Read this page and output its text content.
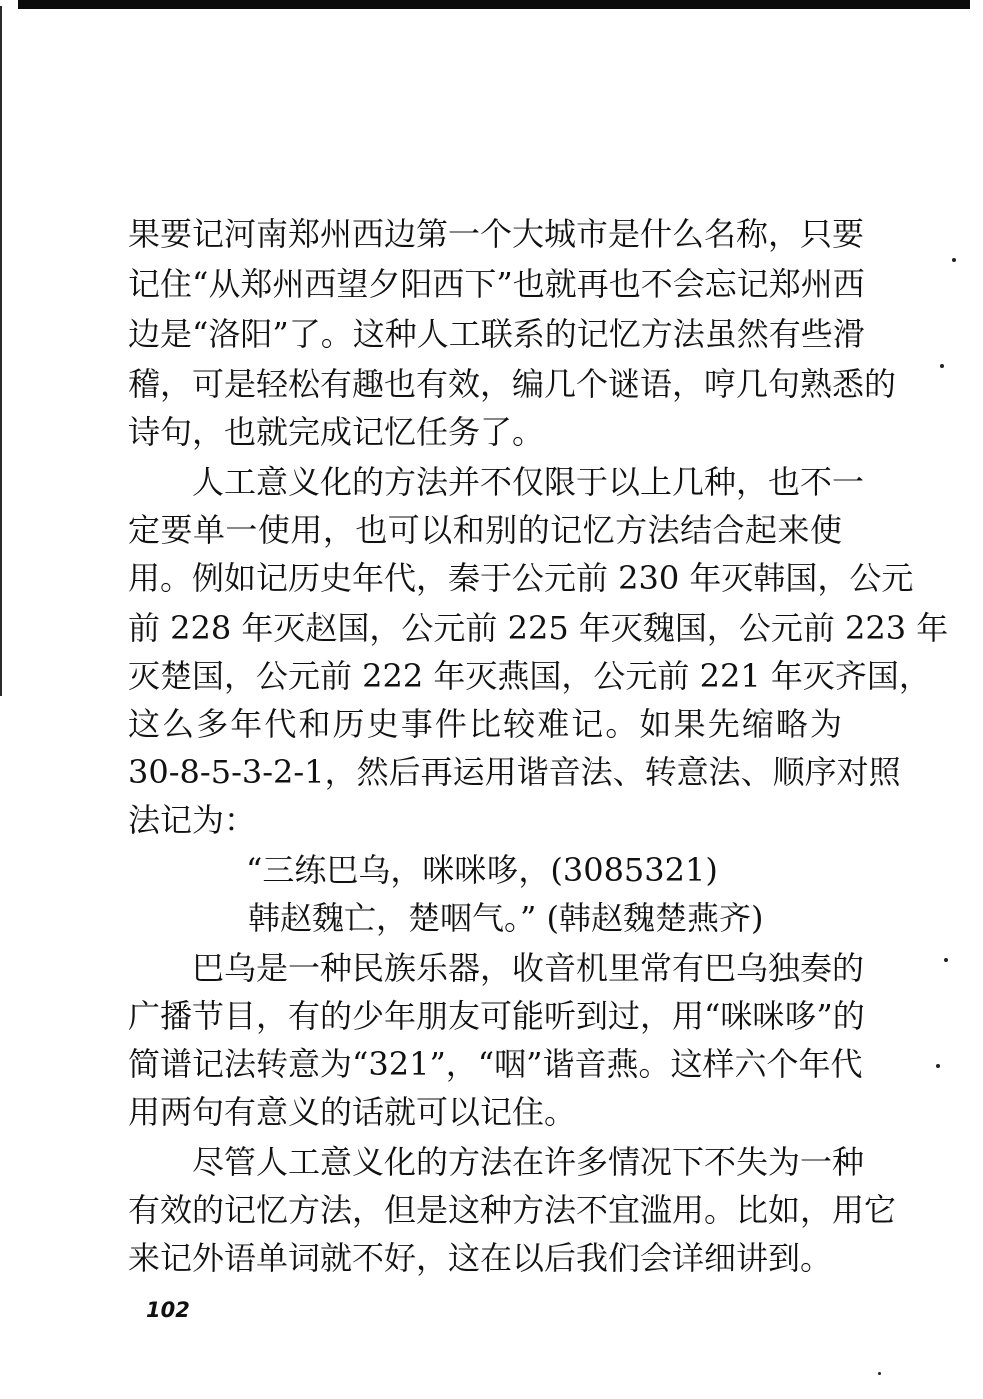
果要记河南郑州西边第一个大城市是什么名称，只要
记住“从郑州西望夕阳西下”也就再也不会忘记郑州西
边是“洛阳”了。这种人工联系的记忆方法虽然有些滑
稽，可是轻松有趣也有效，编几个谜语，哼几句熟悉的
诗句，也就完成记忆任务了。
人工意义化的方法并不仅限于以上几种，也不一
定要单一使用，也可以和别的记忆方法结合起来使
用。例如记历史年代，秦于公元前 230 年灭韩国，公元
前 228 年灭赵国，公元前 225 年灭魏国，公元前 223 年
灭楚国，公元前 222 年灭燕国，公元前 221 年灭齐国，
这么多年代和历史事件比较难记。如果先缩略为
30-8-5-3-2-1，然后再运用谐音法、转意法、顺序对照
法记为：
“三练巴乌，咪咪哆，(3085321)
韩赵魏亡，楚咽气。” (韩赵魏楚燕齐)
巴乌是一种民族乐器，收音机里常有巴乌独奏的
广播节目，有的少年朋友可能听到过，用“咪咪哆”的
简谱记法转意为“321”，“咽”谐音燕。这样六个年代
用两句有意义的话就可以记住。
尽管人工意义化的方法在许多情况下不失为一种
有效的记忆方法，但是这种方法不宜滥用。比如，用它
来记外语单词就不好，这在以后我们会详细讲到。
102
